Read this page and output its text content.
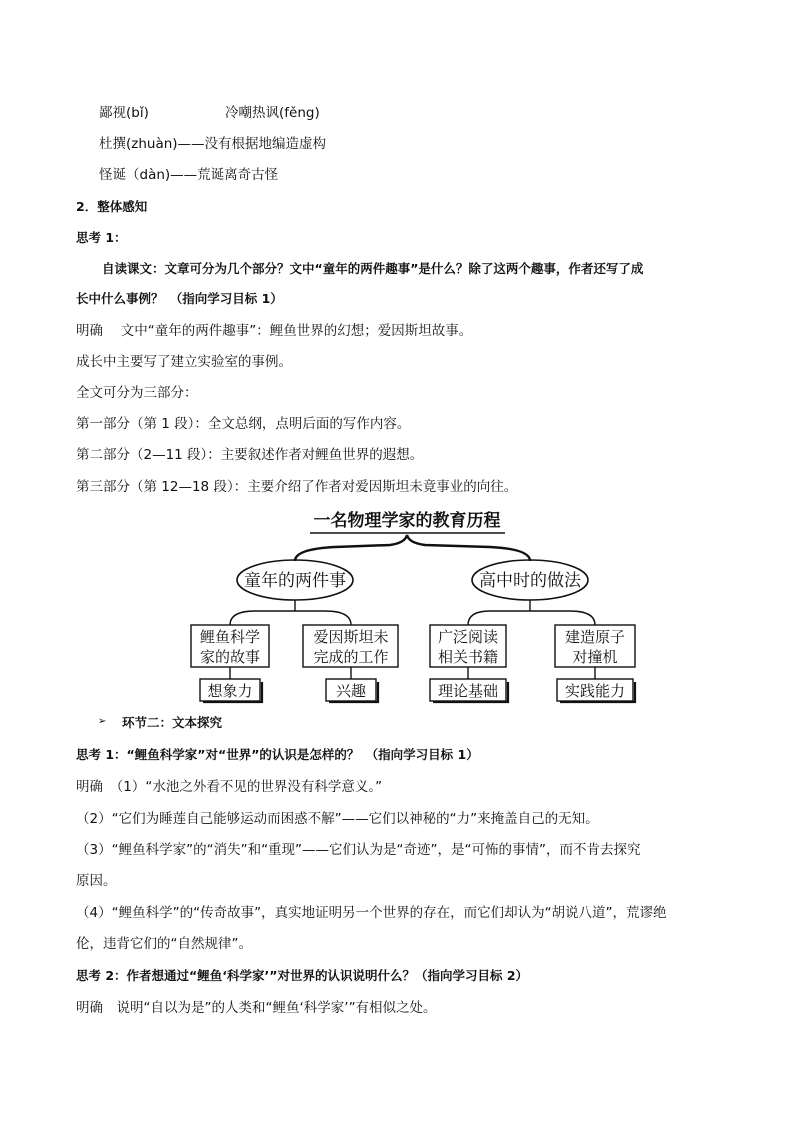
鄙视(bǐ)	冷嘲热讽(fěng)
杜撰(zhuàn)——没有根据地编造虚构
怪诞（dàn)——荒诞离奇古怪
2．整体感知
思考 1：
自读课文：文章可分为几个部分？文中“童年的两件趣事”是什么？除了这两个趣事，作者还写了成
长中什么事例？　（指向学习目标 1）
明确　 文中“童年的两件趣事”：鲤鱼世界的幻想；爱因斯坦故事。
成长中主要写了建立实验室的事例。
全文可分为三部分：
第一部分（第 1 段）：全文总纲，点明后面的写作内容。
第二部分（2—11 段）：主要叙述作者对鲤鱼世界的遐想。
第三部分（第 12—18 段）：主要介绍了作者对爱因斯坦未竟事业的向往。
一名物理学家的教育历程
童年的两件事	高中时的做法
鲤鱼科学
家的故事
爱因斯坦未
完成的工作
广泛阅读
相关书籍
建造原子
对撞机
想象力	兴趣	理论基础	实践能力
➢ 环节二：文本探究
思考 1：“鲤鱼科学家”对“世界”的认识是怎样的？　（指向学习目标 1）
明确　（1）“水池之外看不见的世界没有科学意义。”
（2）“它们为睡莲自己能够运动而困惑不解”——它们以神秘的“力”来掩盖自己的无知。
（3）“鲤鱼科学家”的“消失”和“重现”——它们认为是“奇迹”，是“可怖的事情”，而不肯去探究
原因。
（4）“鲤鱼科学”的“传奇故事”，真实地证明另一个世界的存在，而它们却认为“胡说八道”，荒谬绝
伦，违背它们的“自然规律”。
思考 2：作者想通过“鲤鱼‘科学家’”对世界的认识说明什么？（指向学习目标 2）
明确　说明“自以为是”的人类和“鲤鱼‘科学家’”有相似之处。
